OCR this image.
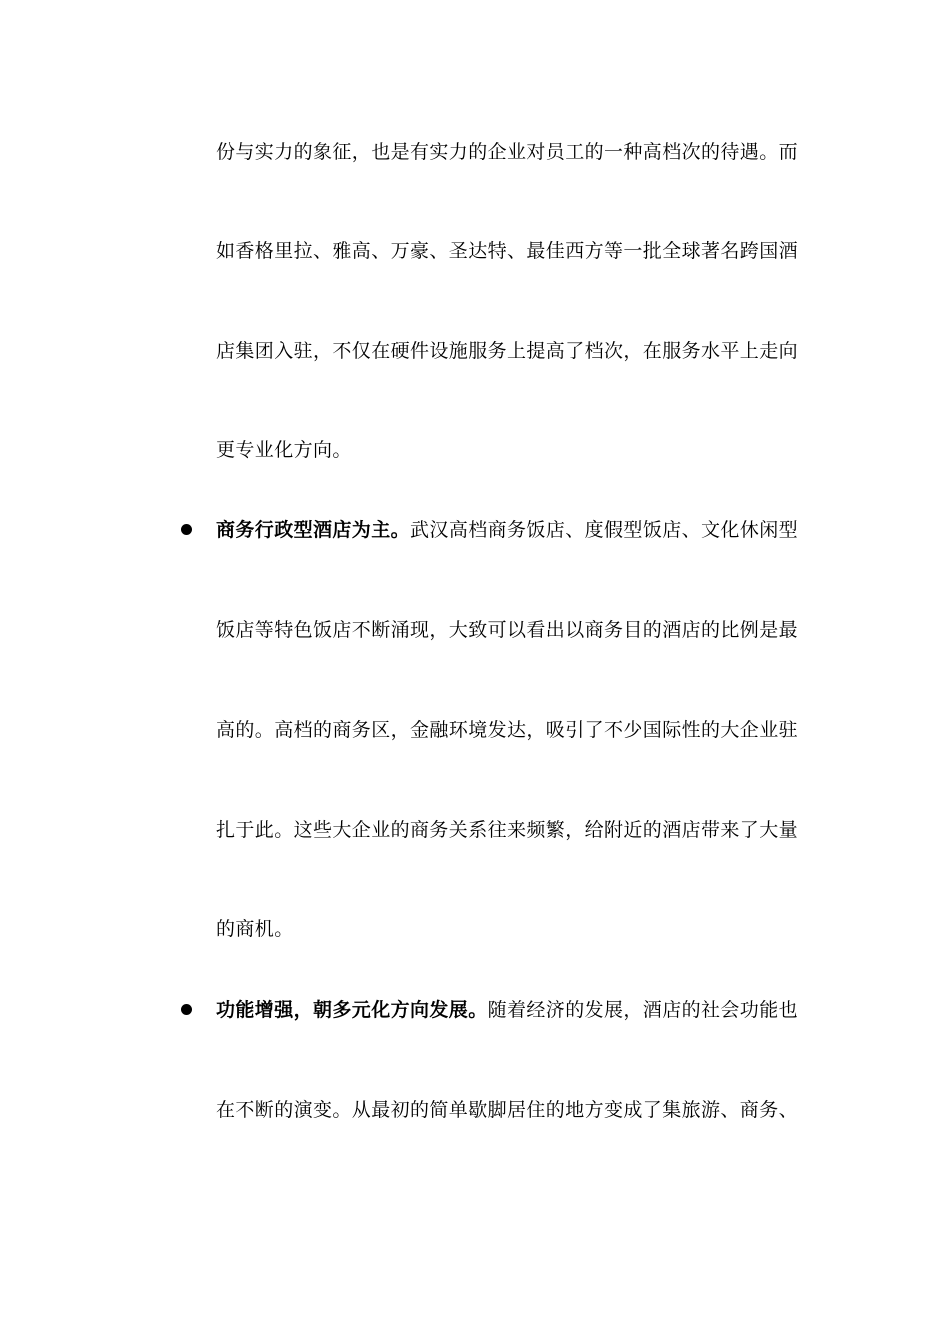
份与实力的象征，也是有实力的企业对员工的一种高档次的待遇。而
如香格里拉、雅高、万豪、圣达特、最佳西方等一批全球著名跨国酒
店集团入驻，不仅在硬件设施服务上提高了档次，在服务水平上走向
更专业化方向。
商务行政型酒店为主。武汉高档商务饭店、度假型饭店、文化休闲型
饭店等特色饭店不断涌现，大致可以看出以商务目的酒店的比例是最
高的。高档的商务区，金融环境发达，吸引了不少国际性的大企业驻
扎于此。这些大企业的商务关系往来频繁，给附近的酒店带来了大量
的商机。
功能增强，朝多元化方向发展。随着经济的发展，酒店的社会功能也
在不断的演变。从最初的简单歇脚居住的地方变成了集旅游、商务、
